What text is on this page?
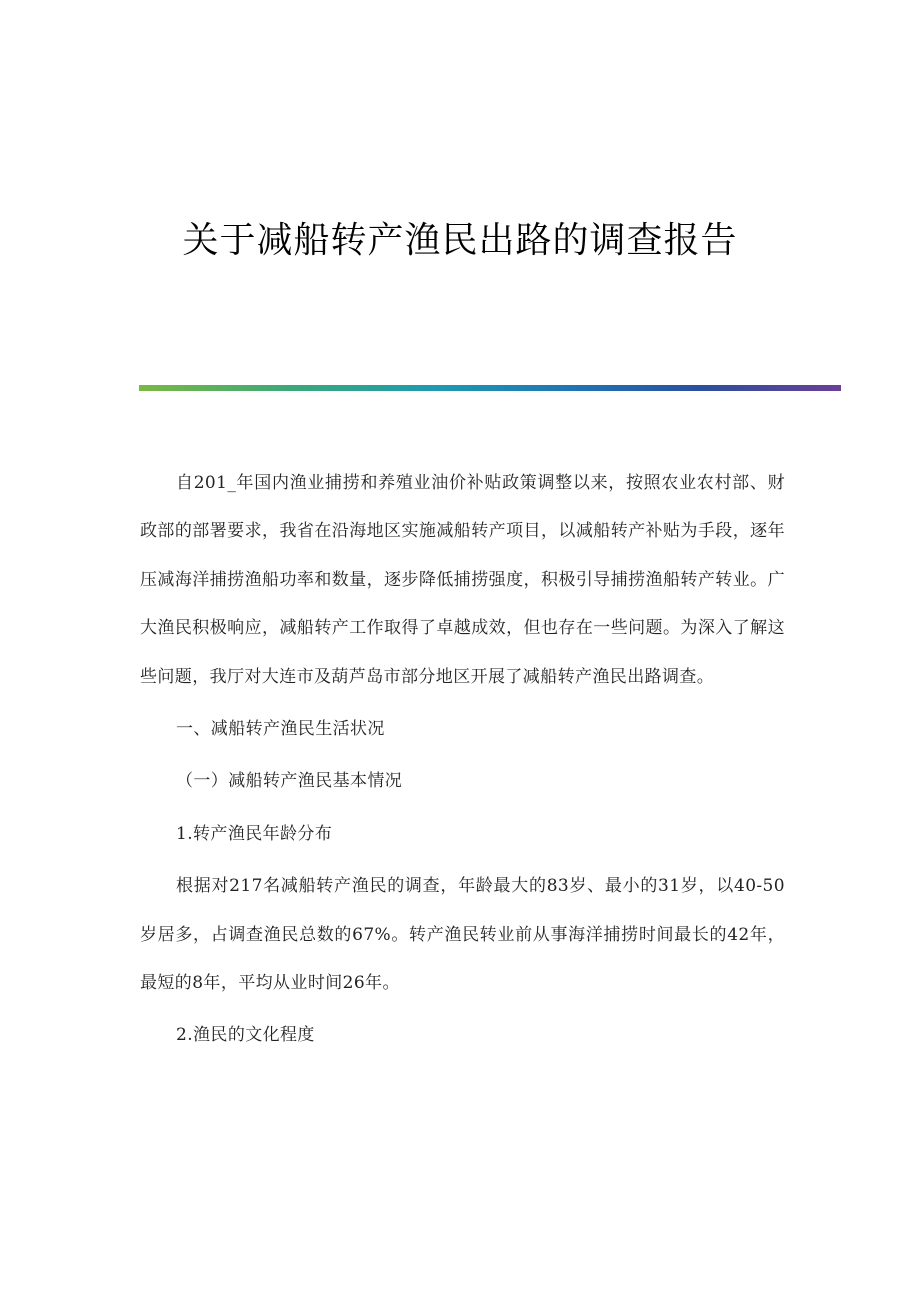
关于减船转产渔民出路的调查报告

自201_年国内渔业捕捞和养殖业油价补贴政策调整以来，按照农业农村部、财政部的部署要求，我省在沿海地区实施减船转产项目，以减船转产补贴为手段，逐年压减海洋捕捞渔船功率和数量，逐步降低捕捞强度，积极引导捕捞渔船转产转业。广大渔民积极响应，减船转产工作取得了卓越成效，但也存在一些问题。为深入了解这些问题，我厅对大连市及葫芦岛市部分地区开展了减船转产渔民出路调查。

一、减船转产渔民生活状况

（一）减船转产渔民基本情况

1.转产渔民年龄分布

根据对217名减船转产渔民的调查，年龄最大的83岁、最小的31岁，以40-50岁居多，占调查渔民总数的67%。转产渔民转业前从事海洋捕捞时间最长的42年，最短的8年，平均从业时间26年。

2.渔民的文化程度
